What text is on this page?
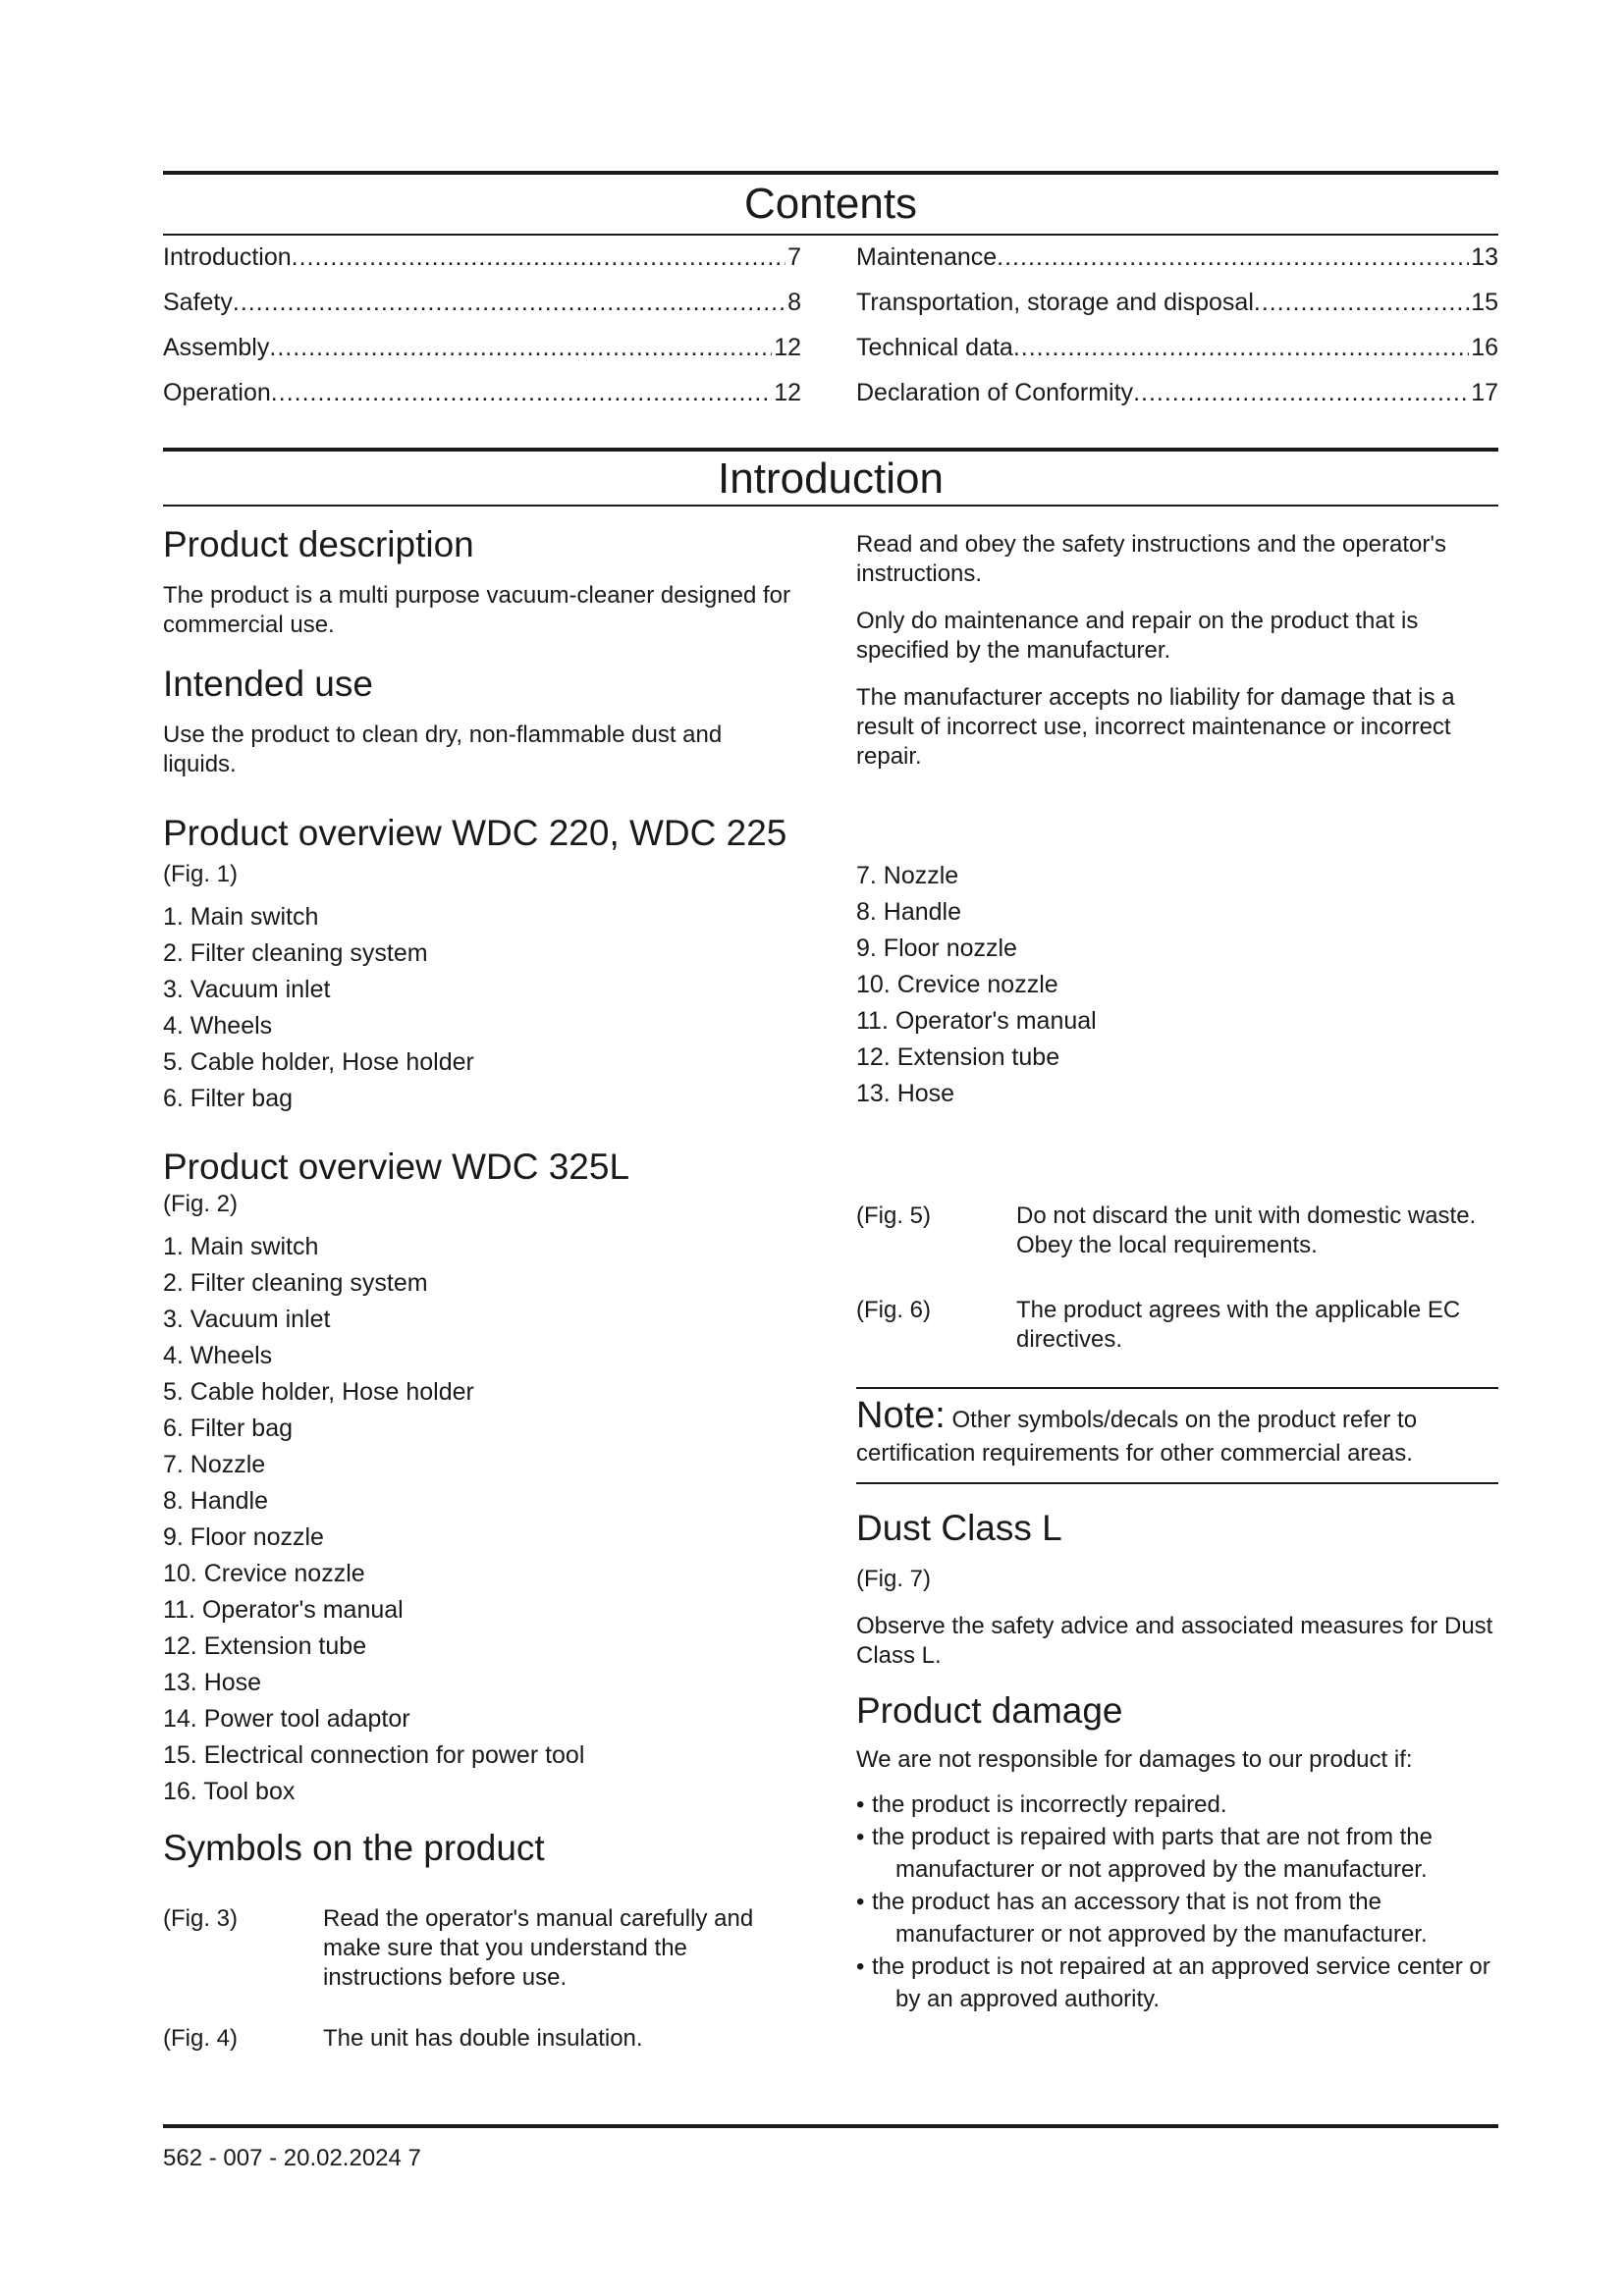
Contents
Introduction .....	7
Safety .....	8
Assembly .....	12
Operation .....	12
Maintenance .....	13
Transportation, storage and disposal .....	15
Technical data .....	16
Declaration of Conformity .....	17
Introduction
Product description

The product is a multi purpose vacuum-cleaner designed for commercial use.

Intended use

Use the product to clean dry, non-flammable dust and liquids.

Read and obey the safety instructions and the operator's instructions.

Only do maintenance and repair on the product that is specified by the manufacturer.

The manufacturer accepts no liability for damage that is a result of incorrect use, incorrect maintenance or incorrect repair.

Product overview WDC 220, WDC 225
(Fig. 1)
1. Main switch
2. Filter cleaning system
3. Vacuum inlet
4. Wheels
5. Cable holder, Hose holder
6. Filter bag
7. Nozzle
8. Handle
9. Floor nozzle
10. Crevice nozzle
11. Operator's manual
12. Extension tube
13. Hose
Product overview WDC 325L
(Fig. 2)
1. Main switch
2. Filter cleaning system
3. Vacuum inlet
4. Wheels
5. Cable holder, Hose holder
6. Filter bag
7. Nozzle
8. Handle
9. Floor nozzle
10. Crevice nozzle
11. Operator's manual
12. Extension tube
13. Hose
14. Power tool adaptor
15. Electrical connection for power tool
16. Tool box
Symbols on the product
(Fig. 3)	Read the operator's manual carefully and make sure that you understand the instructions before use.
(Fig. 4)	The unit has double insulation.
(Fig. 5)	Do not discard the unit with domestic waste. Obey the local requirements.
(Fig. 6)	The product agrees with the applicable EC directives.
Note: Other symbols/decals on the product refer to certification requirements for other commercial areas.
Dust Class L
(Fig. 7)

Observe the safety advice and associated measures for Dust Class L.

Product damage

We are not responsible for damages to our product if:

• the product is incorrectly repaired.
• the product is repaired with parts that are not from the manufacturer or not approved by the manufacturer.
• the product has an accessory that is not from the manufacturer or not approved by the manufacturer.
• the product is not repaired at an approved service center or by an approved authority.
562 - 007 - 20.02.2024 7
